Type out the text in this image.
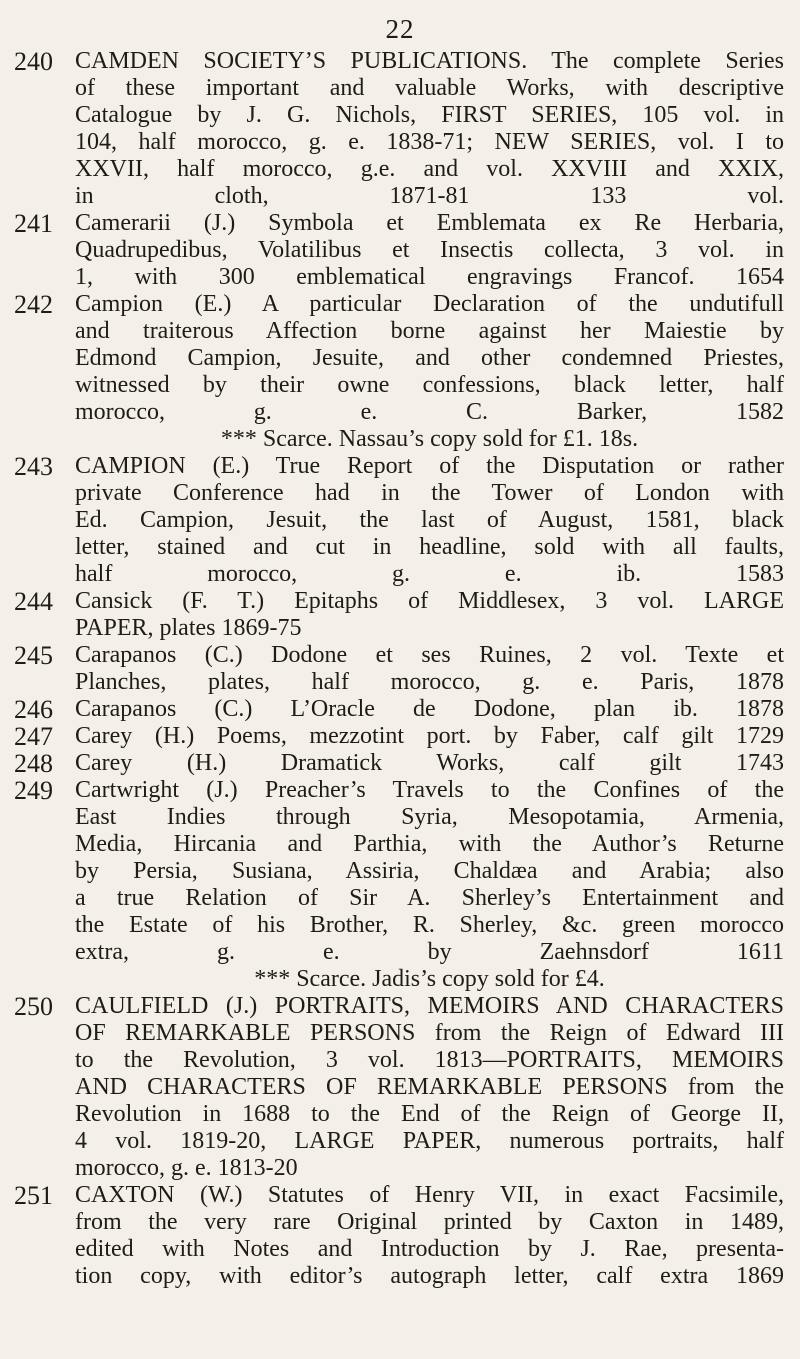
22
240 CAMDEN SOCIETY’S PUBLICATIONS. The complete Series
of these important and valuable Works, with descriptive
Catalogue by J. G. Nichols, FIRST SERIES, 105 vol. in
104, half morocco, g. e. 1838-71; NEW SERIES, vol. I to
XXVII, half morocco, g.e. and vol. XXVIII and XXIX,
in cloth, 1871-81 133 vol.
241 Camerarii (J.) Symbola et Emblemata ex Re Herbaria,
Quadrupedibus, Volatilibus et Insectis collecta, 3 vol. in
1, with 300 emblematical engravings Francof. 1654
242 Campion (E.) A particular Declaration of the undutifull
and traiterous Affection borne against her Maiestie by
Edmond Campion, Jesuite, and other condemned Priestes,
witnessed by their owne confessions, black letter, half
morocco, g. e. C. Barker, 1582
*** Scarce. Nassau’s copy sold for £1. 18s.
243 CAMPION (E.) True Report of the Disputation or rather
private Conference had in the Tower of London with
Ed. Campion, Jesuit, the last of August, 1581, black
letter, stained and cut in headline, sold with all faults,
half morocco, g. e. ib. 1583
244 Cansick (F. T.) Epitaphs of Middlesex, 3 vol. LARGE
PAPER, plates 1869-75
245 Carapanos (C.) Dodone et ses Ruines, 2 vol. Texte et
Planches, plates, half morocco, g. e. Paris, 1878
246 Carapanos (C.) L’Oracle de Dodone, plan ib. 1878
247 Carey (H.) Poems, mezzotint port. by Faber, calf gilt 1729
248 Carey (H.) Dramatick Works, calf gilt 1743
249 Cartwright (J.) Preacher’s Travels to the Confines of the
East Indies through Syria, Mesopotamia, Armenia,
Media, Hircania and Parthia, with the Author’s Returne
by Persia, Susiana, Assiria, Chaldæa and Arabia; also
a true Relation of Sir A. Sherley’s Entertainment and
the Estate of his Brother, R. Sherley, &c. green morocco
extra, g. e. by Zaehnsdorf 1611
*** Scarce. Jadis’s copy sold for £4.
250 CAULFIELD (J.) PORTRAITS, MEMOIRS AND CHARACTERS
OF REMARKABLE PERSONS from the Reign of Edward III
to the Revolution, 3 vol. 1813—PORTRAITS, MEMOIRS
AND CHARACTERS OF REMARKABLE PERSONS from the
Revolution in 1688 to the End of the Reign of George II,
4 vol. 1819-20, LARGE PAPER, numerous portraits, half
morocco, g. e. 1813-20
251 CAXTON (W.) Statutes of Henry VII, in exact Facsimile,
from the very rare Original printed by Caxton in 1489,
edited with Notes and Introduction by J. Rae, presenta-
tion copy, with editor’s autograph letter, calf extra 1869
